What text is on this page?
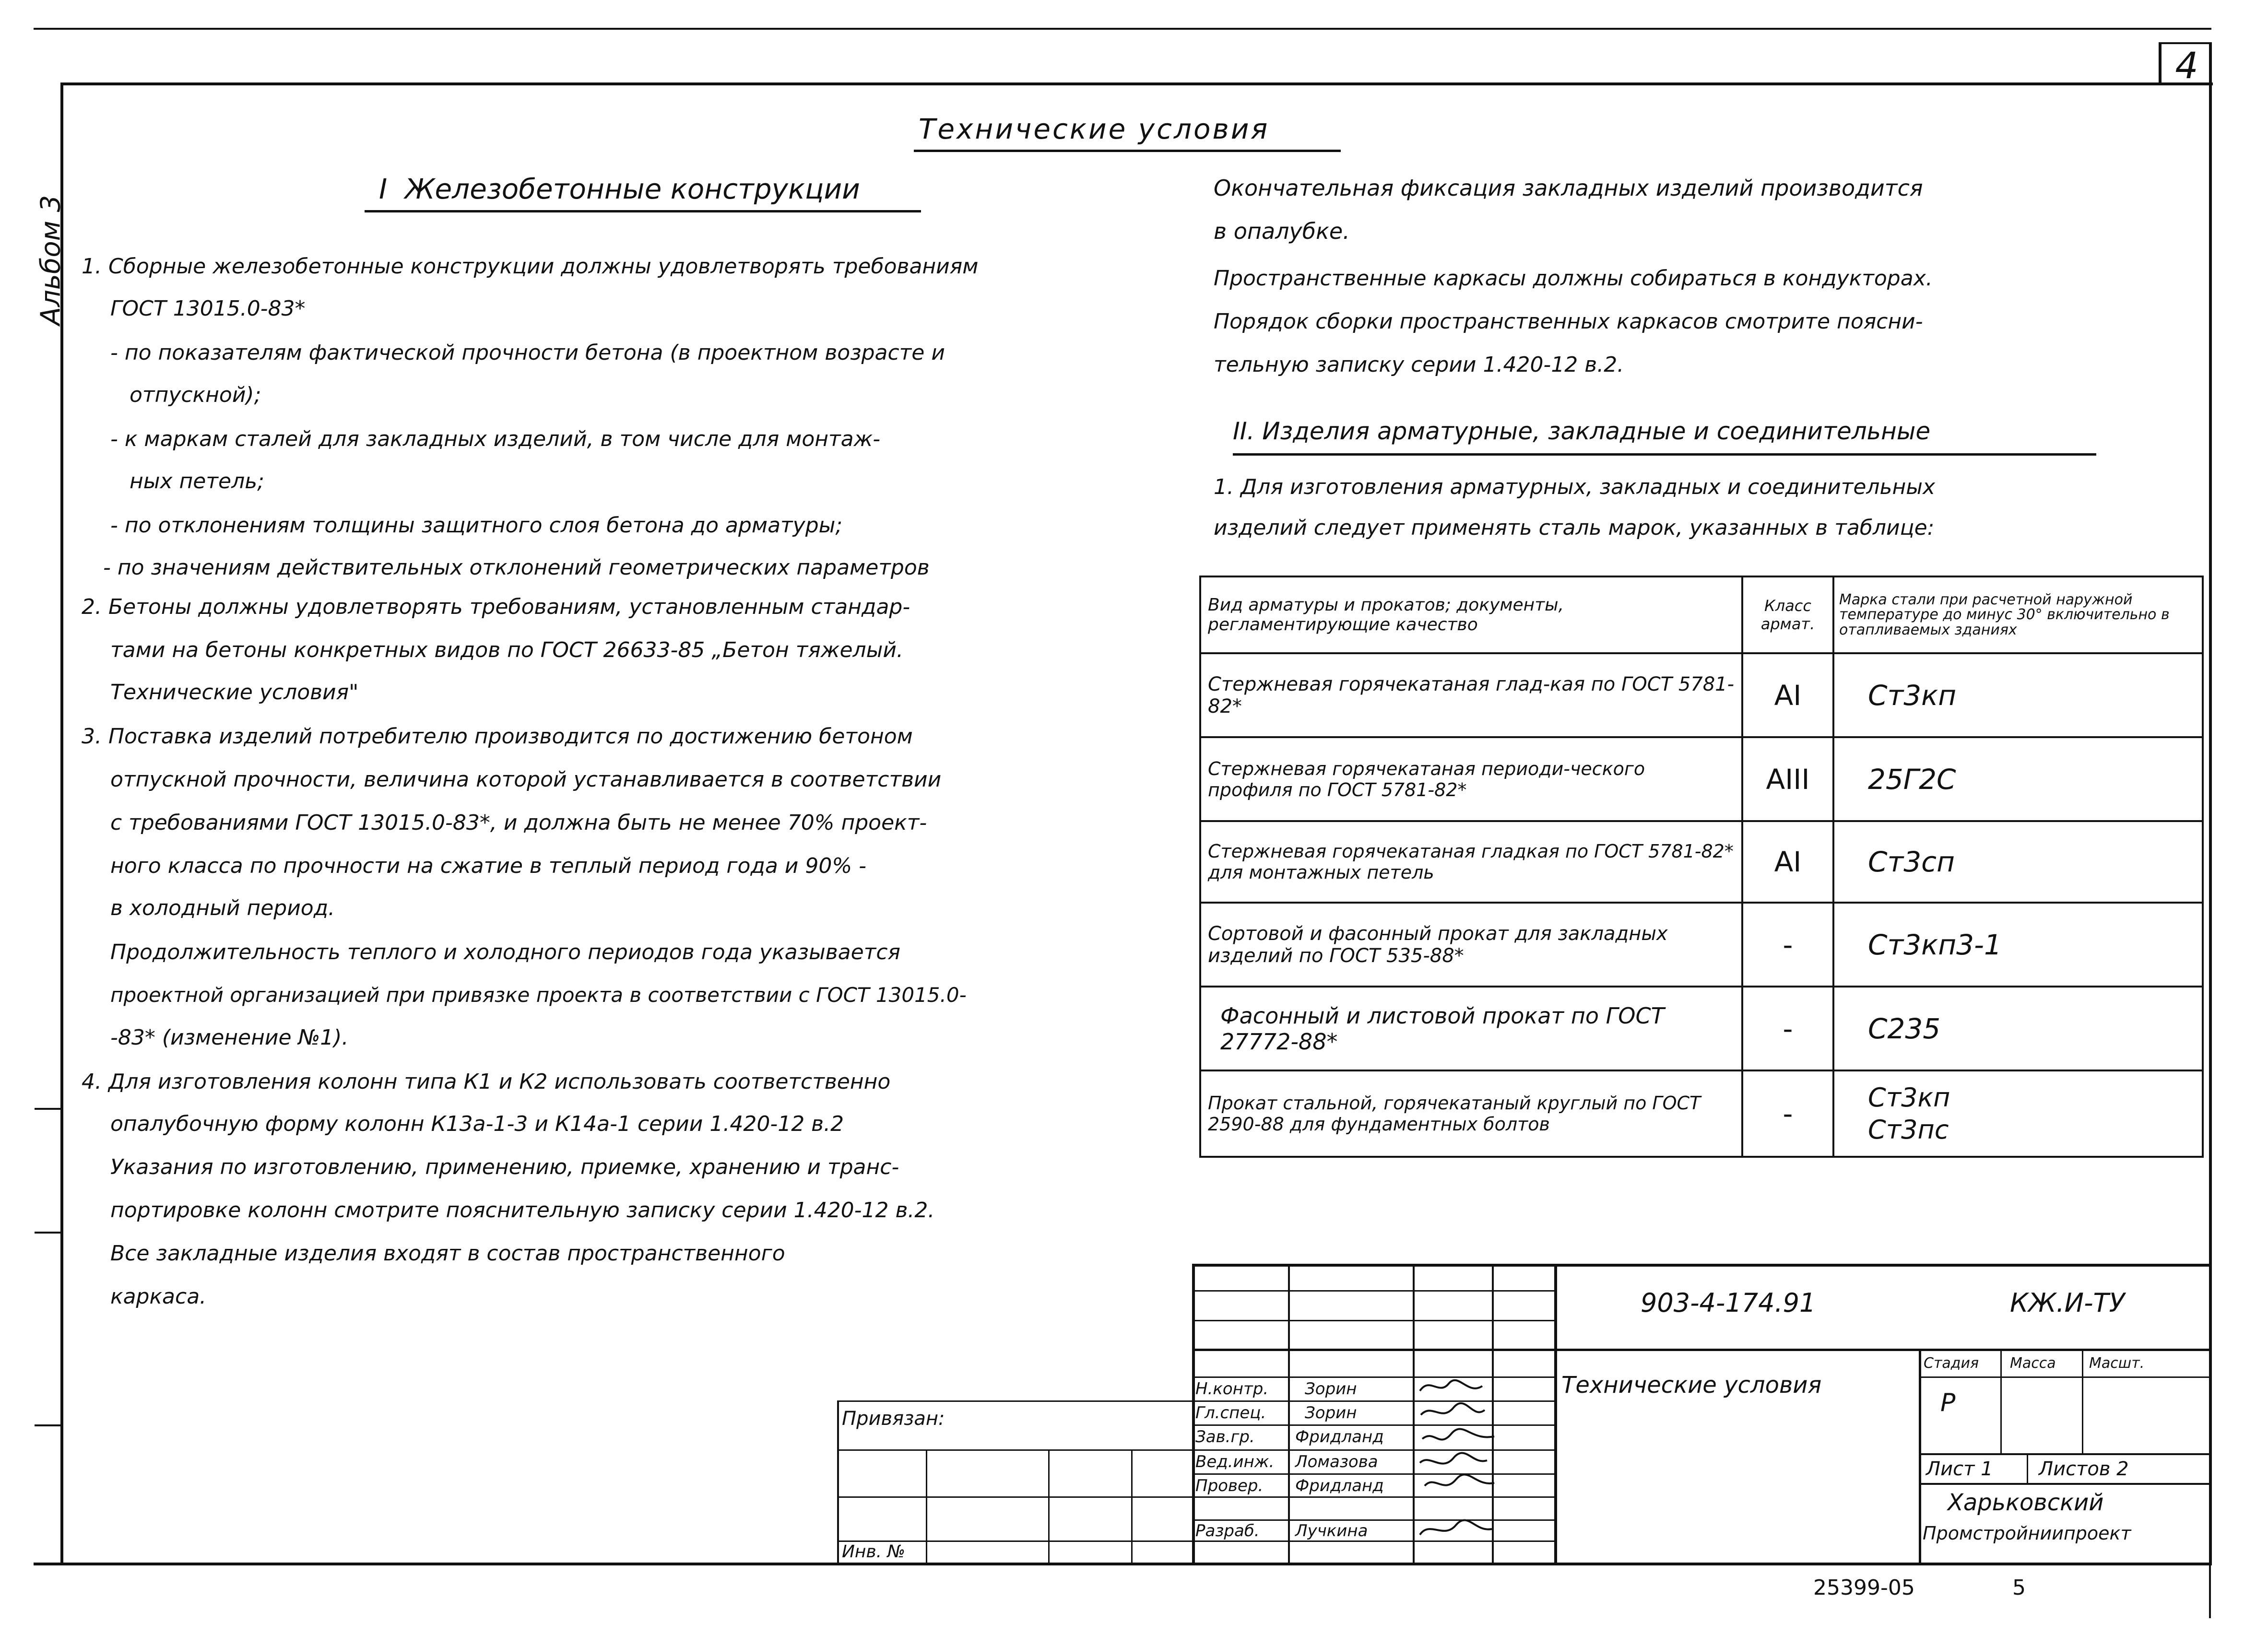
4
Альбом 3
Технические условия
I  Железобетонные конструкции
1. Сборные железобетонные конструкции должны удовлетворять требованиям
ГОСТ 13015.0-83*
- по показателям фактической прочности бетона (в проектном возрасте и
отпускной);
- к маркам сталей для закладных изделий, в том числе для монтаж-
ных петель;
- по отклонениям толщины защитного слоя бетона до арматуры;
- по значениям действительных отклонений геометрических параметров
2. Бетоны должны удовлетворять требованиям, установленным стандар-
тами на бетоны конкретных видов по ГОСТ 26633-85 „Бетон тяжелый.
Технические условия"
3. Поставка изделий потребителю производится по достижению бетоном
отпускной прочности, величина которой устанавливается в соответствии
с требованиями ГОСТ 13015.0-83*, и должна быть не менее 70% проект-
ного класса по прочности на сжатие в теплый период года и 90% -
в холодный период.
Продолжительность теплого и холодного периодов года указывается
проектной организацией при привязке проекта в соответствии с ГОСТ 13015.0-
-83* (изменение №1).
4. Для изготовления колонн типа К1 и К2 использовать соответственно
опалубочную форму колонн К13а-1-3 и К14а-1 серии 1.420-12 в.2
Указания по изготовлению, применению, приемке, хранению и транс-
портировке колонн смотрите пояснительную записку серии 1.420-12 в.2.
Все закладные изделия входят в состав пространственного
каркаса.
Окончательная фиксация закладных изделий производится
в опалубке.
Пространственные каркасы должны собираться в кондукторах.
Порядок сборки пространственных каркасов смотрите поясни-
тельную записку серии 1.420-12 в.2.
II. Изделия арматурные, закладные и соединительные
1. Для изготовления арматурных, закладных и соединительных
изделий следует применять сталь марок, указанных в таблице:
Вид арматуры и прокатов; документы, регламентирующие качество	Класс армат.	Марка стали при расчетной наружной температуре до минус 30° включительно в отапливаемых зданиях
Стержневая горячекатаная глад-кая по ГОСТ 5781-82*	AI	Ст3кп
Стержневая горячекатаная периоди-ческого профиля по ГОСТ 5781-82*	AIII	25Г2С
Стержневая горячекатаная гладкая по ГОСТ 5781-82* для монтажных петель	AI	Ст3сп
Сортовой и фасонный прокат для закладных изделий по ГОСТ 535-88*	-	Ст3кп3-1
Фасонный и листовой прокат по ГОСТ 27772-88*	-	С235
Прокат стальной, горячекатаный круглый по ГОСТ 2590-88 для фундаментных болтов	-	Ст3кп
Ст3пс
903-4-174.91	КЖ.И-ТУ
Технические условия
Стадия Масса Масшт.
Р
Лист 1 Листов 2
Харьковский
Промстройниипроект
Привязан:
Инв. №
Н.контр. Зорин
Гл.спец. Зорин
Зав.гр. Фридланд
Вед.инж. Ломазова
Провер. Фридланд
Разраб. Лучкина
25399-05	5
